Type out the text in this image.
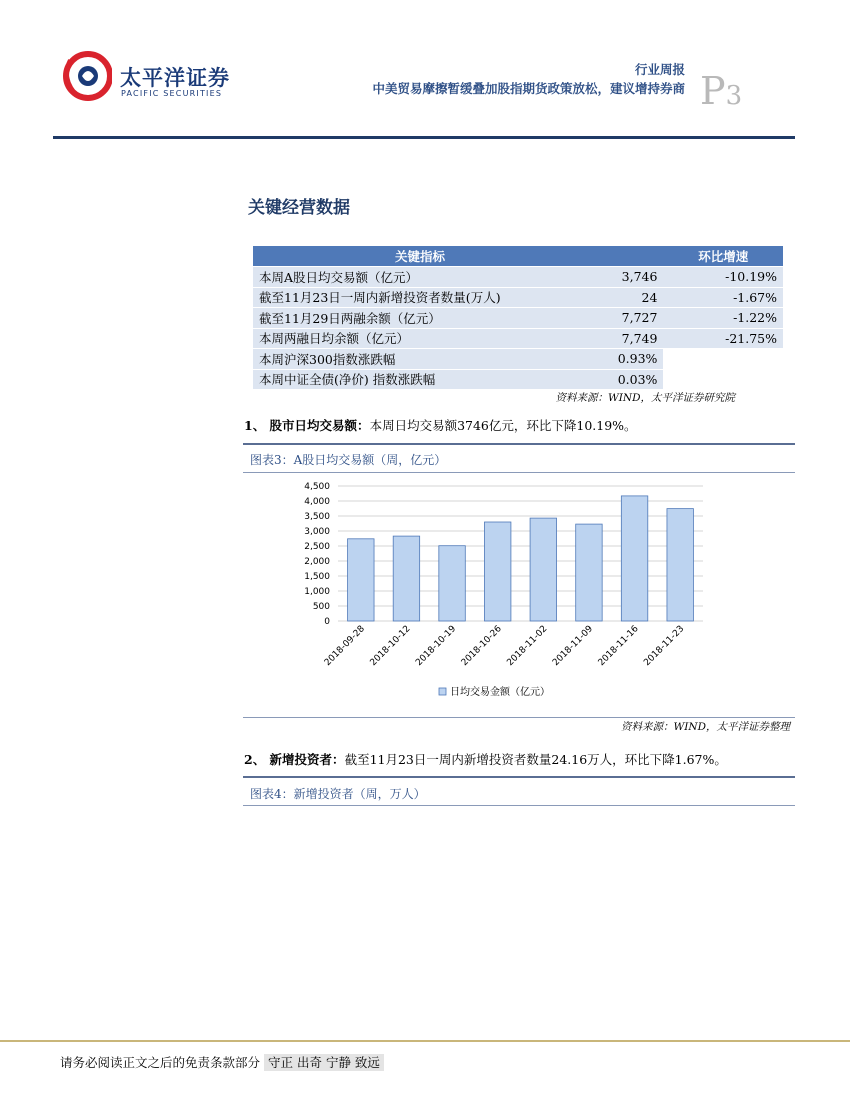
太平洋证券
PACIFIC SECURITIES
行业周报
中美贸易摩擦暂缓叠加股指期货政策放松，建议增持券商 P3
关键经营数据
关键指标		环比增速
本周A股日均交易额（亿元）	3,746	-10.19%
截至11月23日一周内新增投资者数量(万人)	24	-1.67%
截至11月29日两融余额（亿元）	7,727	-1.22%
本周两融日均余额（亿元）	7,749	-21.75%
本周沪深300指数涨跌幅	0.93%	
本周中证全债(净价) 指数涨跌幅	0.03%	
资料来源：WIND，太平洋证券研究院
1、 股市日均交易额：本周日均交易额3746亿元，环比下降10.19%。
图表3：A股日均交易额（周，亿元）
0
500
1,000
1,500
2,000
2,500
3,000
3,500
4,000
4,500
2018-09-28 2018-10-12 2018-10-19 2018-10-26 2018-11-02 2018-11-09 2018-11-16 2018-11-23
日均交易金额（亿元）
资料来源：WIND，太平洋证券整理
2、 新增投资者：截至11月23日一周内新增投资者数量24.16万人，环比下降1.67%。
图表4：新增投资者（周，万人）
请务必阅读正文之后的免责条款部分 守正 出奇 宁静 致远
